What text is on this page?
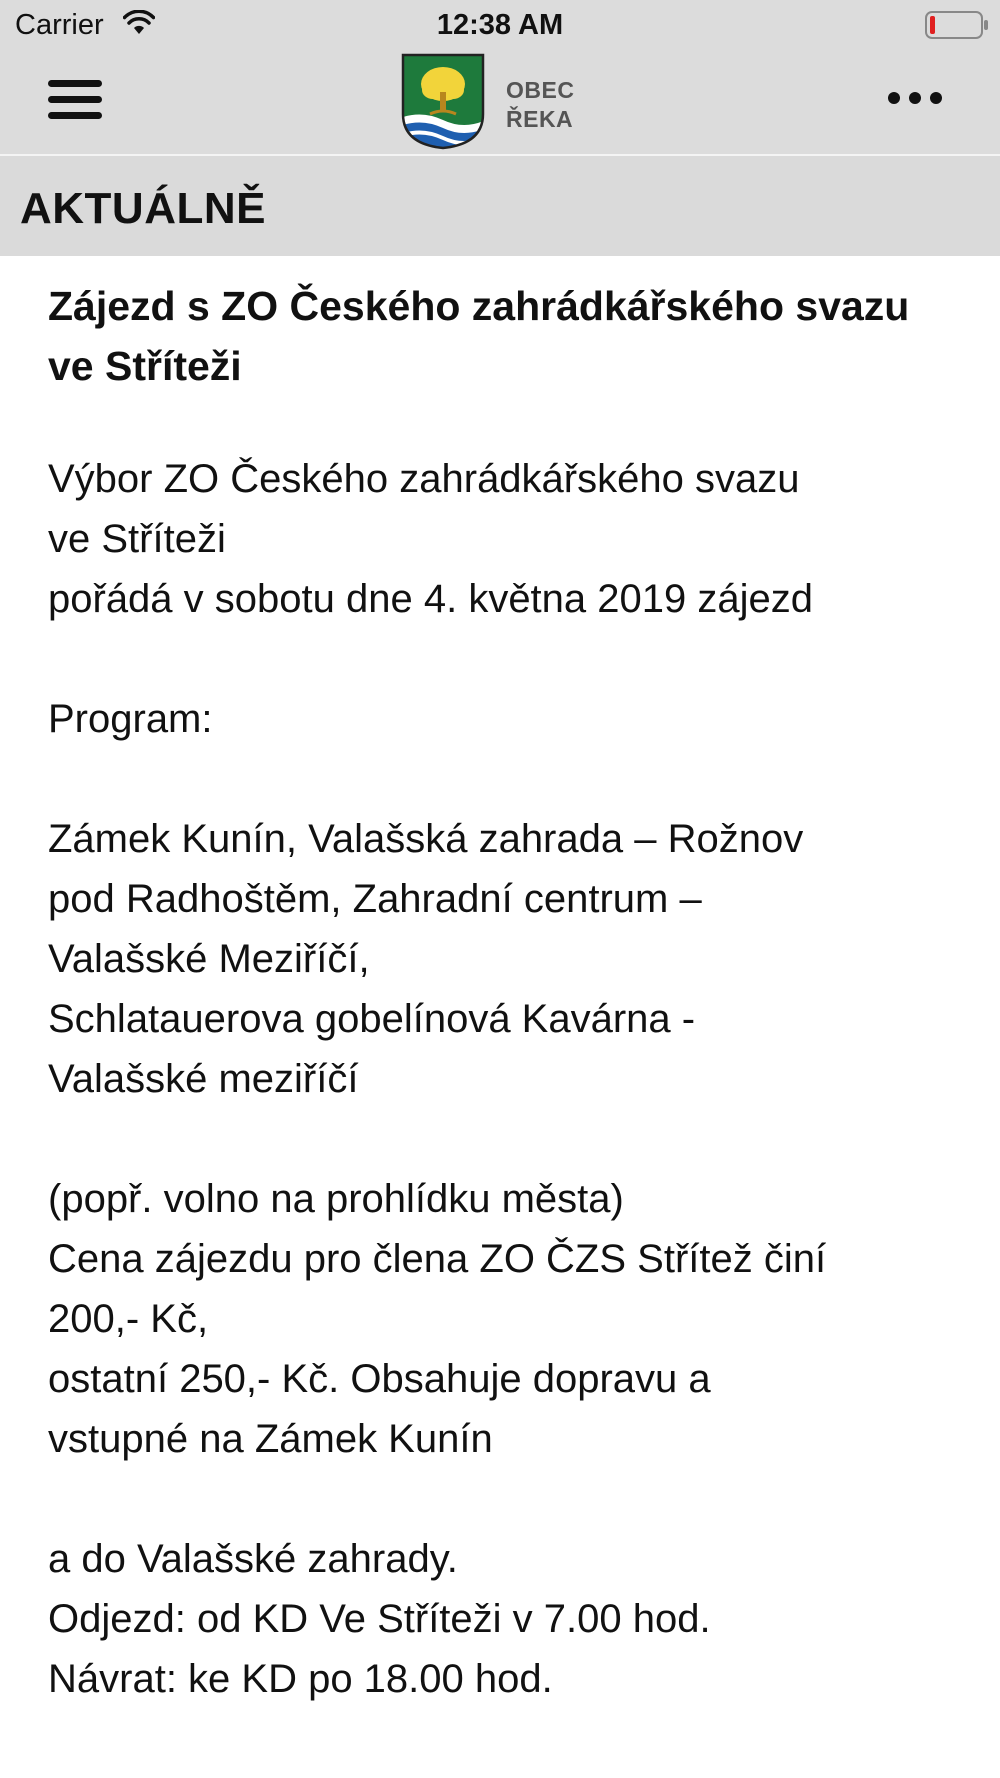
Carrier	12:38 AM
OBEC
ŘEKA
AKTUÁLNĚ
Zájezd s ZO Českého zahrádkářského svazu ve Stříteži

Výbor ZO Českého zahrádkářského svazu

ve Stříteži

pořádá v sobotu dne 4. května 2019 zájezd

Program:

Zámek Kunín, Valašská zahrada – Rožnov

pod Radhoštěm, Zahradní centrum –

Valašské Meziříčí,

Schlatauerova gobelínová Kavárna -

Valašské meziříčí

(popř. volno na prohlídku města)

Cena zájezdu pro člena ZO ČZS Střítež činí

200,- Kč,

ostatní 250,- Kč. Obsahuje dopravu a

vstupné na Zámek Kunín

a do Valašské zahrady.

Odjezd: od KD Ve Stříteži v 7.00 hod.

Návrat: ke KD po 18.00 hod.
